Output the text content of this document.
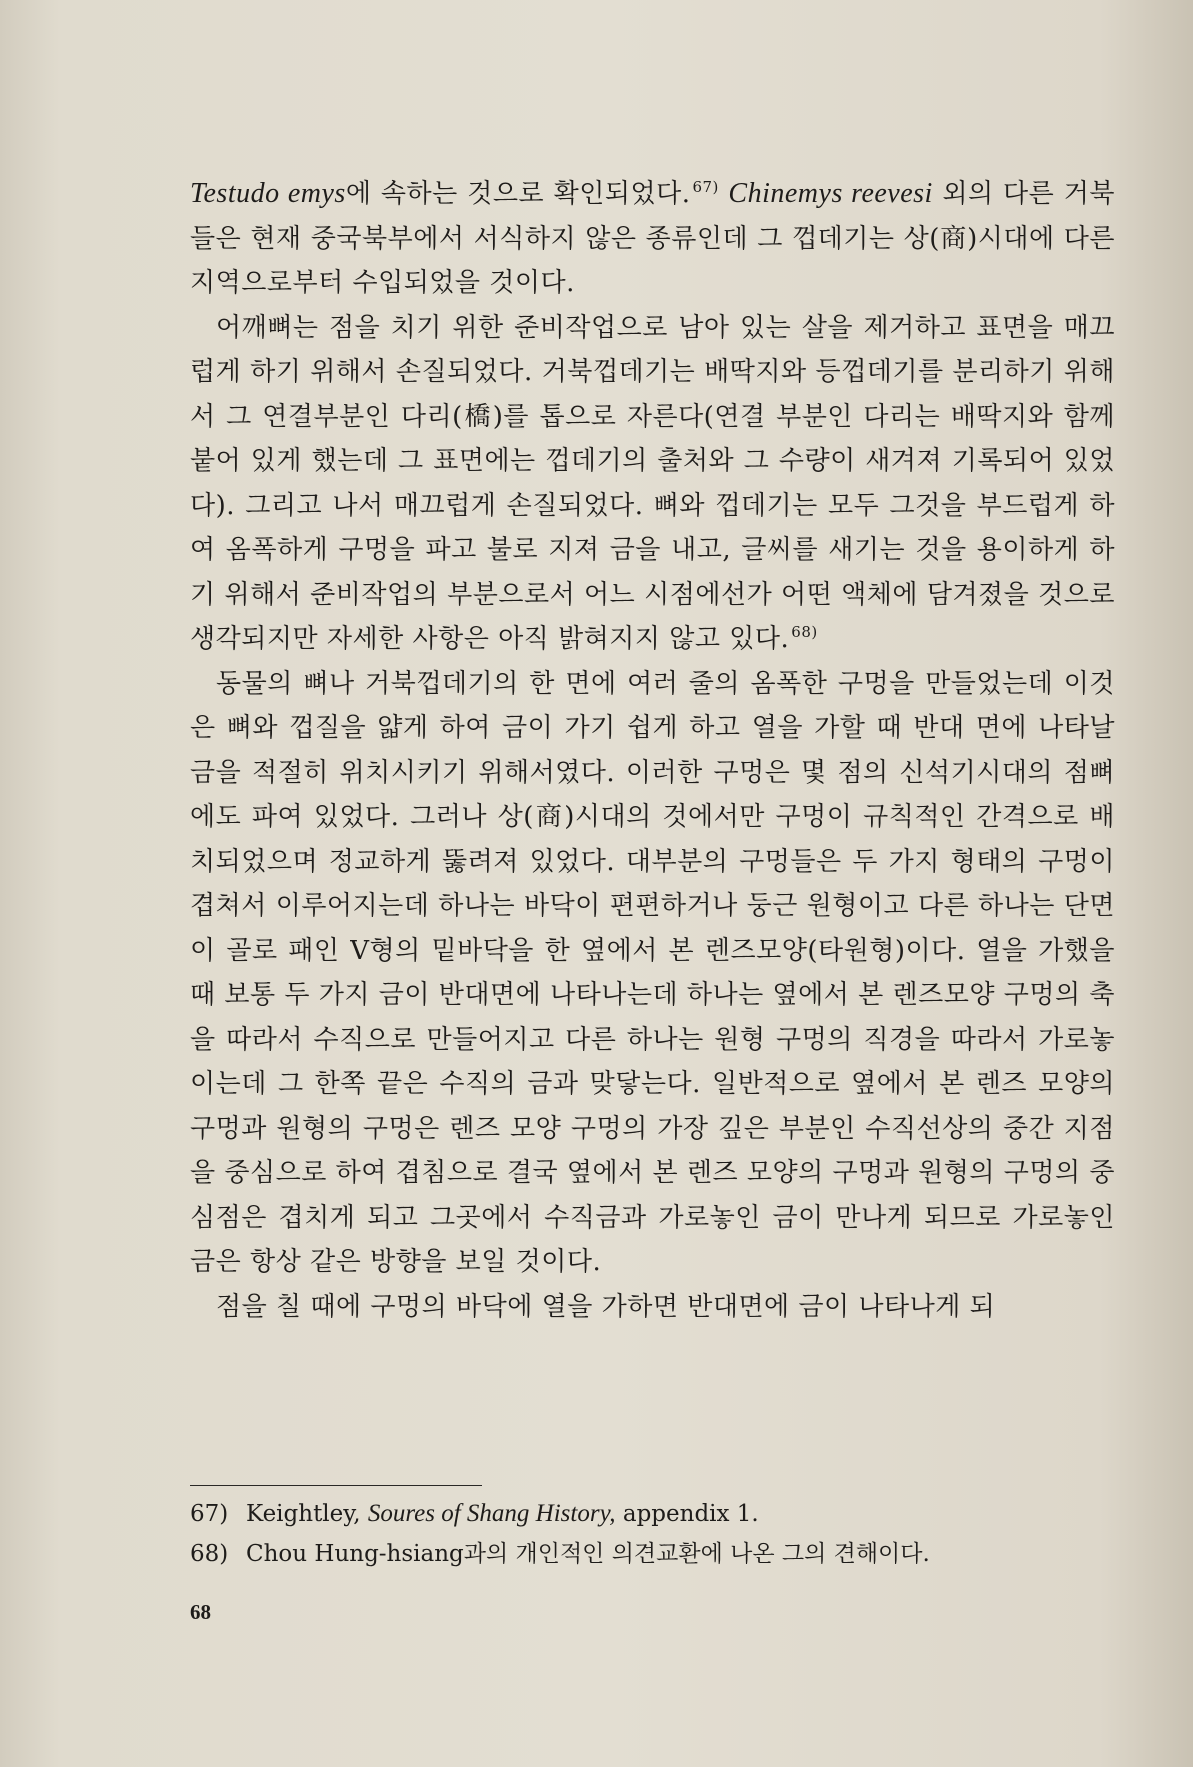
Testudo emys에 속하는 것으로 확인되었다. $^{67)}$ Chinemys reevesi 외의 다른 거북들은 현재 중국북부에서 서식하지 않은 종류인데 그 껍데기는 상(商)시대에 다른 지역으로부터 수입되었을 것이다.

어깨뼈는 점을 치기 위한 준비작업으로 남아 있는 살을 제거하고 표면을 매끄럽게 하기 위해서 손질되었다. 거북껍데기는 배딱지와 등껍데기를 분리하기 위해서 그 연결부분인 다리(橋)를 톱으로 자른다(연결 부분인 다리는 배딱지와 함께 붙어 있게 했는데 그 표면에는 껍데기의 출처와 그 수량이 새겨져 기록되어 있었다). 그리고 나서 매끄럽게 손질되었다. 뼈와 껍데기는 모두 그것을 부드럽게 하여 옴폭하게 구멍을 파고 불로 지져 금을 내고, 글씨를 새기는 것을 용이하게 하기 위해서 준비작업의 부분으로서 어느 시점에선가 어떤 액체에 담겨졌을 것으로 생각되지만 자세한 사항은 아직 밝혀지지 않고 있다. $^{68)}$

동물의 뼈나 거북껍데기의 한 면에 여러 줄의 옴폭한 구멍을 만들었는데 이것은 뼈와 껍질을 얇게 하여 금이 가기 쉽게 하고 열을 가할 때 반대 면에 나타날 금을 적절히 위치시키기 위해서였다. 이러한 구멍은 몇 점의 신석기시대의 점뼈에도 파여 있었다. 그러나 상(商)시대의 것에서만 구멍이 규칙적인 간격으로 배치되었으며 정교하게 뚫려져 있었다. 대부분의 구멍들은 두 가지 형태의 구멍이 겹쳐서 이루어지는데 하나는 바닥이 편편하거나 둥근 원형이고 다른 하나는 단면이 골로 패인 V형의 밑바닥을 한 옆에서 본 렌즈모양(타원형)이다. 열을 가했을 때 보통 두 가지 금이 반대면에 나타나는데 하나는 옆에서 본 렌즈모양 구멍의 축을 따라서 수직으로 만들어지고 다른 하나는 원형 구멍의 직경을 따라서 가로놓이는데 그 한쪽 끝은 수직의 금과 맞닿는다. 일반적으로 옆에서 본 렌즈 모양의 구멍과 원형의 구멍은 렌즈 모양 구멍의 가장 깊은 부분인 수직선상의 중간 지점을 중심으로 하여 겹침으로 결국 옆에서 본 렌즈 모양의 구멍과 원형의 구멍의 중심점은 겹치게 되고 그곳에서 수직금과 가로놓인 금이 만나게 되므로 가로놓인 금은 항상 같은 방향을 보일 것이다.

점을 칠 때에 구멍의 바닥에 열을 가하면 반대면에 금이 나타나게 되

67) Keightley, Soures of Shang History, appendix 1.

68) Chou Hung-hsiang과의 개인적인 의견교환에 나온 그의 견해이다.

68
